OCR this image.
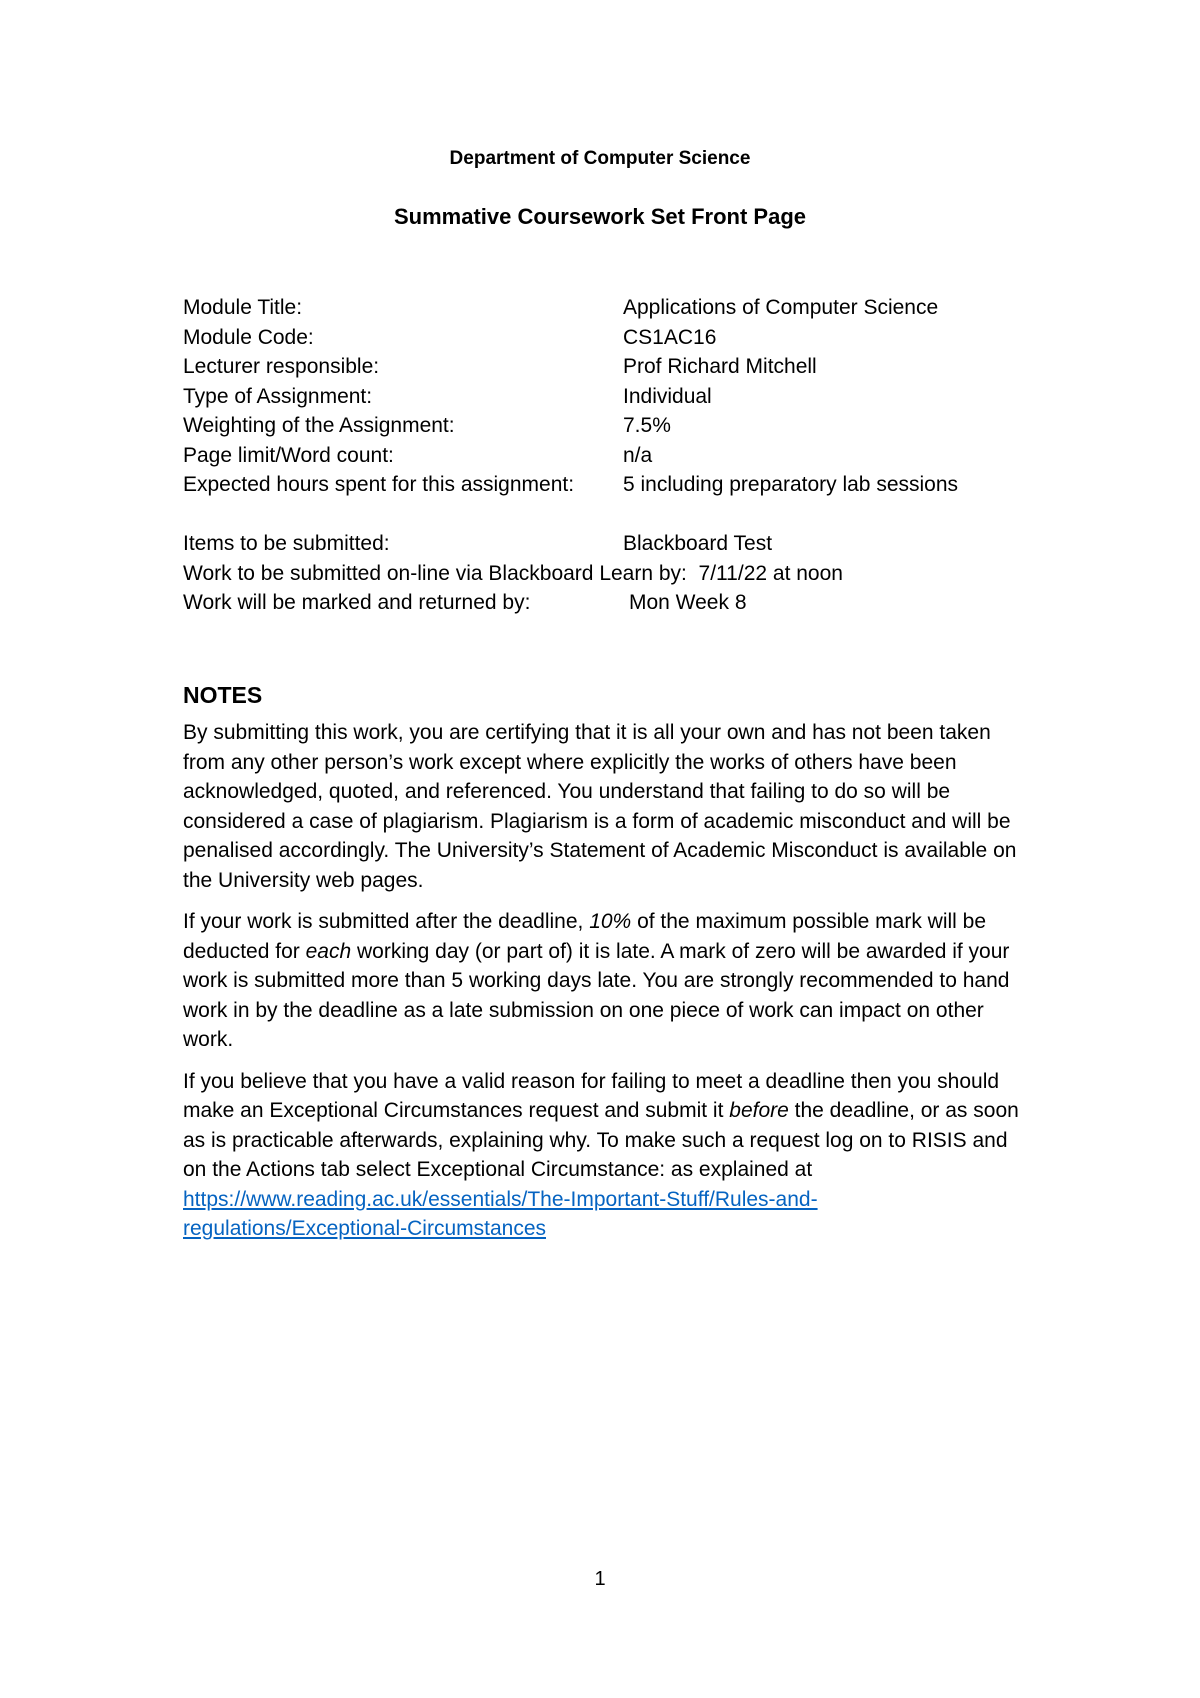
Department of Computer Science
Summative Coursework Set Front Page
Module Title:	Applications of Computer Science
Module Code:	CS1AC16
Lecturer responsible:	Prof Richard Mitchell
Type of Assignment:	Individual
Weighting of the Assignment:	7.5%
Page limit/Word count:	n/a
Expected hours spent for this assignment: 5 including preparatory lab sessions
Items to be submitted:	Blackboard Test
Work to be submitted on-line via Blackboard Learn by:  7/11/22 at noon
Work will be marked and returned by:	Mon Week 8
NOTES

By submitting this work, you are certifying that it is all your own and has not been taken from any other person’s work except where explicitly the works of others have been acknowledged, quoted, and referenced. You understand that failing to do so will be considered a case of plagiarism. Plagiarism is a form of academic misconduct and will be penalised accordingly. The University’s Statement of Academic Misconduct is available on the University web pages.

If your work is submitted after the deadline, 10% of the maximum possible mark will be deducted for each working day (or part of) it is late. A mark of zero will be awarded if your work is submitted more than 5 working days late. You are strongly recommended to hand work in by the deadline as a late submission on one piece of work can impact on other work.

If you believe that you have a valid reason for failing to meet a deadline then you should make an Exceptional Circumstances request and submit it before the deadline, or as soon as is practicable afterwards, explaining why. To make such a request log on to RISIS and on the Actions tab select Exceptional Circumstance: as explained at https://www.reading.ac.uk/essentials/The-Important-Stuff/Rules-and-regulations/Exceptional-Circumstances

1
